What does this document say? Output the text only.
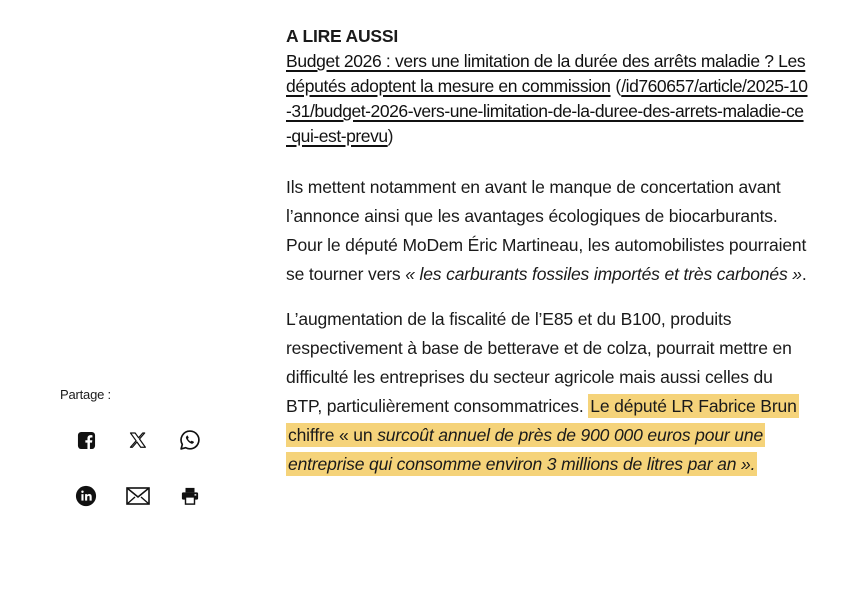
Partage :
A LIRE AUSSI
Budget 2026 : vers une limitation de la durée des arrêts maladie ? Les députés adoptent la mesure en commission (/id760657/article/2025-10-31/budget-2026-vers-une-limitation-de-la-duree-des-arrets-maladie-ce-qui-est-prevu)

Ils mettent notamment en avant le manque de concertation avant l’annonce ainsi que les avantages écologiques de biocarburants. Pour le député MoDem Éric Martineau, les automobilistes pourraient se tourner vers « les carburants fossiles importés et très carbonés ».

L’augmentation de la fiscalité de l’E85 et du B100, produits respectivement à base de betterave et de colza, pourrait mettre en difficulté les entreprises du secteur agricole mais aussi celles du BTP, particulièrement consommatrices. Le député LR Fabrice Brun chiffre « un surcoût annuel de près de 900 000 euros pour une entreprise qui consomme environ 3 millions de litres par an ».
